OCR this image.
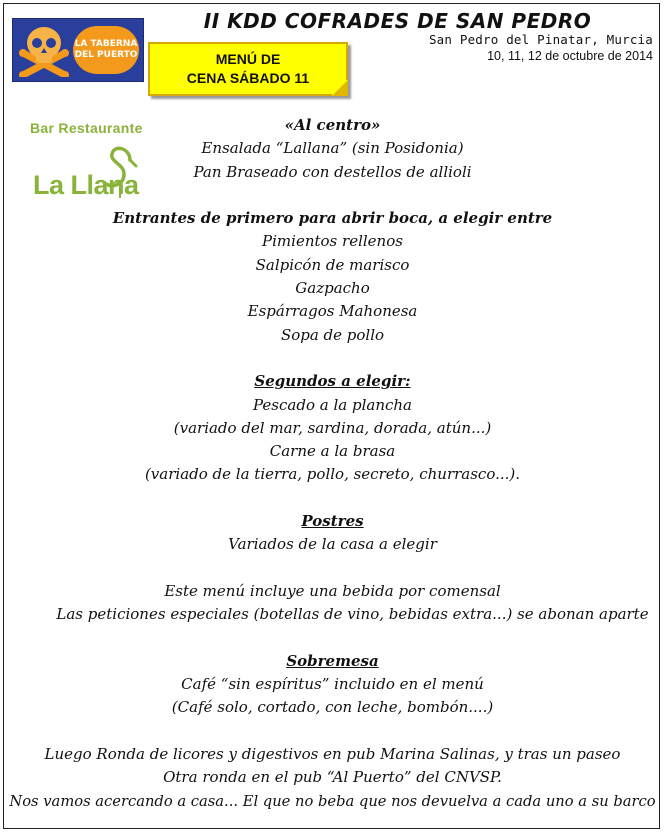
LA TABERNA
DEL PUERTO
II KDD COFRADES DE SAN PEDRO
San Pedro del Pinatar, Murcia
10, 11, 12 de octubre de 2014
MENÚ DE
CENA SÁBADO 11
Bar Restaurante
La Llana
«Al centro»
Ensalada “Lallana” (sin Posidonia)
Pan Braseado con destellos de allioli
Entrantes de primero para abrir boca, a elegir entre
Pimientos rellenos
Salpicón de marisco
Gazpacho
Espárragos Mahonesa
Sopa de pollo
Segundos a elegir:
Pescado a la plancha
(variado del mar, sardina, dorada, atún...)
Carne a la brasa
(variado de la tierra, pollo, secreto, churrasco...).
Postres
Variados de la casa a elegir
Este menú incluye una bebida por comensal
Las peticiones especiales (botellas de vino, bebidas extra...) se abonan aparte
Sobremesa
Café “sin espíritus” incluido en el menú
(Café solo, cortado, con leche, bombón....)
Luego Ronda de licores y digestivos en pub Marina Salinas, y tras un paseo
Otra ronda en el pub “Al Puerto” del CNVSP.
Nos vamos acercando a casa... El que no beba que nos devuelva a cada uno a su barco
